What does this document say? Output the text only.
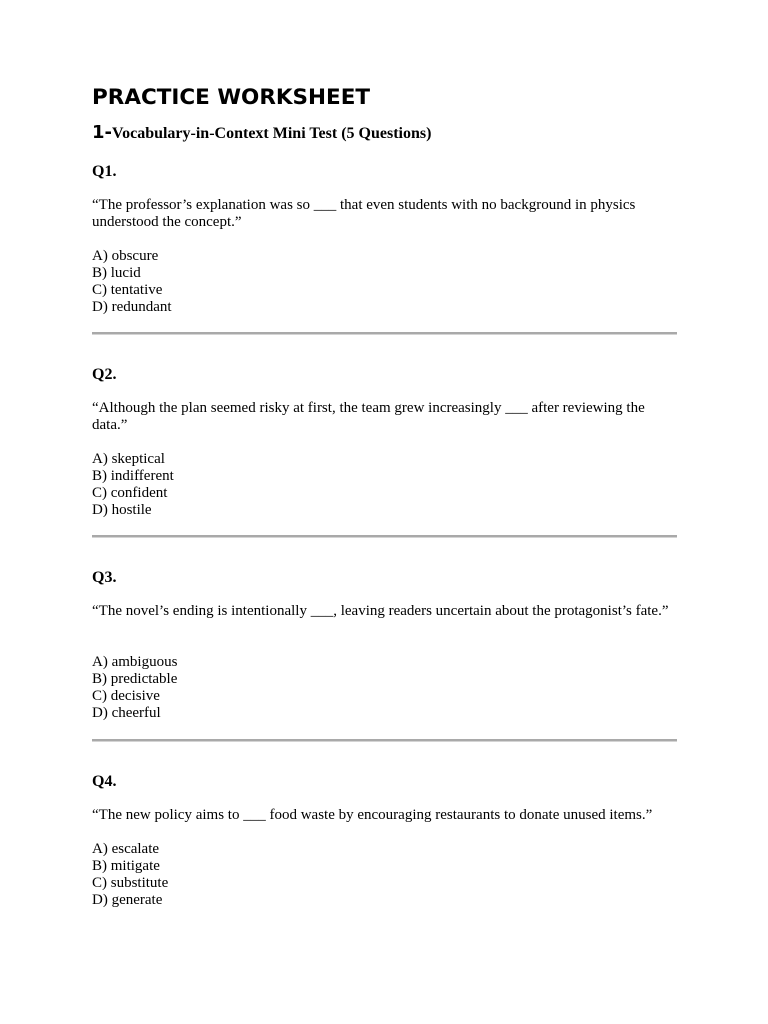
PRACTICE WORKSHEET
1-Vocabulary-in-Context Mini Test (5 Questions)
Q1.

“The professor’s explanation was so ___ that even students with no background in physics understood the concept.”

A) obscure
B) lucid
C) tentative
D) redundant
Q2.

“Although the plan seemed risky at first, the team grew increasingly ___ after reviewing the data.”

A) skeptical
B) indifferent
C) confident
D) hostile
Q3.

“The novel’s ending is intentionally ___, leaving readers uncertain about the protagonist’s fate.”

A) ambiguous
B) predictable
C) decisive
D) cheerful
Q4.

“The new policy aims to ___ food waste by encouraging restaurants to donate unused items.”

A) escalate
B) mitigate
C) substitute
D) generate
